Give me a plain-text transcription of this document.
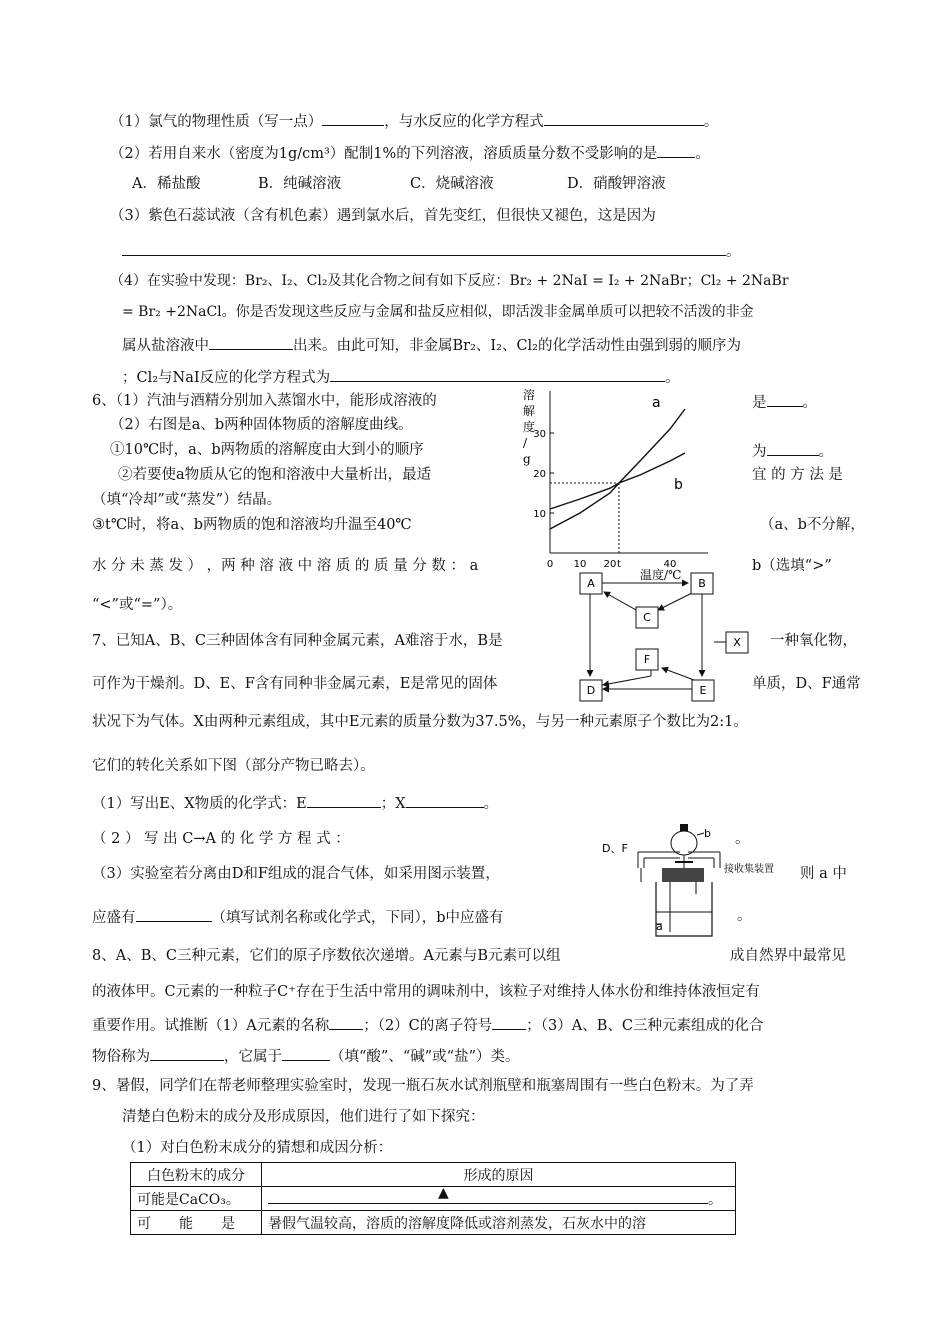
（1）氯气的物理性质（写一点）	，与水反应的化学方程式	。
（2）若用自来水（密度为1g/cm³）配制1%的下列溶液，溶质质量分数不受影响的是	。
A．稀盐酸	B．纯碱溶液	C．烧碱溶液	D．硝酸钾溶液
（3）紫色石蕊试液（含有机色素）遇到氯水后，首先变红，但很快又褪色，这是因为
。
（4）在实验中发现：Br₂、I₂、Cl₂及其化合物之间有如下反应：Br₂ + 2NaI = I₂ + 2NaBr；Cl₂ + 2NaBr
= Br₂ +2NaCl。你是否发现这些反应与金属和盐反应相似，即活泼非金属单质可以把较不活泼的非金
属从盐溶液中	出来。由此可知，非金属Br₂、I₂、Cl₂的化学活动性由强到弱的顺序为
；Cl₂与NaI反应的化学方程式为	。
6、（1）汽油与酒精分别加入蒸馏水中，能形成溶液的	是 。
（2）右图是a、b两种固体物质的溶解度曲线。
①10℃时，a、b两物质的溶解度由大到小的顺序	为	。
②若要使a物质从它的饱和溶液中大量析出，最适	宜 的 方 法 是
（填“冷却”或“蒸发”）结晶。
③t℃时，将a、b两物质的饱和溶液均升温至40℃	（a、b不分解，
水 分 未 蒸 发 ） ，两 种 溶 液 中 溶 质 的 质 量 分 数 ： a	b（选填“>”
“<”或“=”）。
溶
解
度
/
g
温度/℃
10
20
30
0 10 20 t	40
a
b
A	B
C
X
F
D	E
7、已知A、B、C三种固体含有同种金属元素，A难溶于水，B是	一种氧化物，
可作为干燥剂。D、E、F含有同种非金属元素，E是常见的固体	单质，D、F通常
状况下为气体。X由两种元素组成，其中E元素的质量分数为37.5%，与另一种元素原子个数比为2:1。
它们的转化关系如下图（部分产物已略去）。
（1）写出E、X物质的化学式：E	；X	。
（ 2 ） 写 出 C→A 的 化 学 方 程 式 ：	。
（3）实验室若分离由D和F组成的混合气体，如采用图示装置，	则 a 中
应盛有	（填写试剂名称或化学式，下同），b中应盛有	。
D、F
接收集装置
b
a
8、A、B、C三种元素，它们的原子序数依次递增。A元素与B元素可以组	成自然界中最常见
的液体甲。C元素的一种粒子C⁺存在于生活中常用的调味剂中，该粒子对维持人体水份和维持体液恒定有
重要作用。试推断（1）A元素的名称 ；（2）C的离子符号 ；（3）A、B、C三种元素组成的化合
物俗称为	，它属于	（填“酸”、“碱”或“盐”）类。
9、暑假，同学们在帮老师整理实验室时，发现一瓶石灰水试剂瓶壁和瓶塞周围有一些白色粉末。为了弄
清楚白色粉末的成分及形成原因，他们进行了如下探究：
（1）对白色粉末成分的猜想和成因分析：
白色粉末的成分	形成的原因
可能是CaCO₃。	▲ 。
可　　能　　是	暑假气温较高，溶质的溶解度降低或溶剂蒸发，石灰水中的溶
